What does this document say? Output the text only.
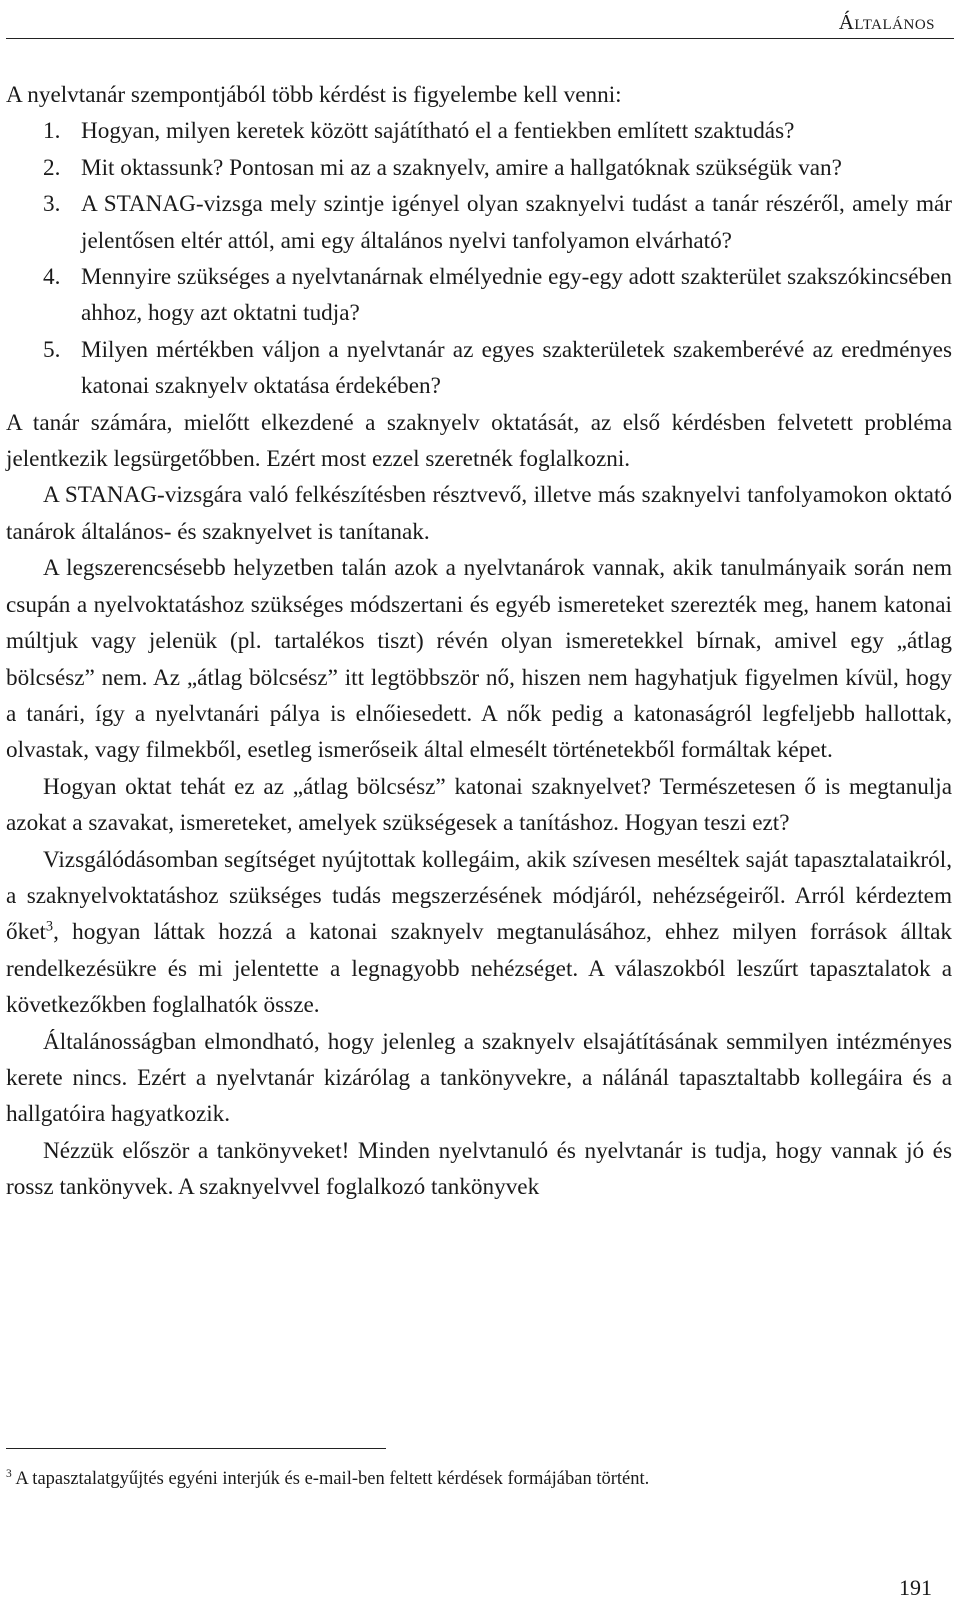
Általános

A nyelvtanár szempontjából több kérdést is figyelembe kell venni:

1. Hogyan, milyen keretek között sajátítható el a fentiekben említett szaktudás?
2. Mit oktassunk? Pontosan mi az a szaknyelv, amire a hallgatóknak szükségük van?
3. A STANAG-vizsga mely szintje igényel olyan szaknyelvi tudást a tanár részéről, amely már jelentősen eltér attól, ami egy általános nyelvi tanfolyamon elvárható?
4. Mennyire szükséges a nyelvtanárnak elmélyednie egy-egy adott szakterület szakszókincsében ahhoz, hogy azt oktatni tudja?
5. Milyen mértékben váljon a nyelvtanár az egyes szakterületek szakemberévé az eredményes katonai szaknyelv oktatása érdekében?

A tanár számára, mielőtt elkezdené a szaknyelv oktatását, az első kérdésben felvetett probléma jelentkezik legsürgetőbben. Ezért most ezzel szeretnék foglalkozni.

A STANAG-vizsgára való felkészítésben résztvevő, illetve más szaknyelvi tanfolyamokon oktató tanárok általános- és szaknyelvet is tanítanak.

A legszerencsésebb helyzetben talán azok a nyelvtanárok vannak, akik tanulmányaik során nem csupán a nyelvoktatáshoz szükséges módszertani és egyéb ismereteket szerezték meg, hanem katonai múltjuk vagy jelenük (pl. tartalékos tiszt) révén olyan ismeretekkel bírnak, amivel egy „átlag bölcsész” nem. Az „átlag bölcsész” itt legtöbbször nő, hiszen nem hagyhatjuk figyelmen kívül, hogy a tanári, így a nyelvtanári pálya is elnőiesedett. A nők pedig a katonaságról legfeljebb hallottak, olvastak, vagy filmekből, esetleg ismerőseik által elmesélt történetekből formáltak képet.

Hogyan oktat tehát ez az „átlag bölcsész” katonai szaknyelvet? Természetesen ő is megtanulja azokat a szavakat, ismereteket, amelyek szükségesek a tanításhoz. Hogyan teszi ezt?

Vizsgálódásomban segítséget nyújtottak kollegáim, akik szívesen meséltek saját tapasztalataikról, a szaknyelvoktatáshoz szükséges tudás megszerzésének módjáról, nehézségeiről. Arról kérdeztem őket$^3$, hogyan láttak hozzá a katonai szaknyelv megtanulásához, ehhez milyen források álltak rendelkezésükre és mi jelentette a legnagyobb nehézséget. A válaszokból leszűrt tapasztalatok a következőkben foglalhatók össze.

Általánosságban elmondható, hogy jelenleg a szaknyelv elsajátításának semmilyen intézményes kerete nincs. Ezért a nyelvtanár kizárólag a tankönyvekre, a nálánál tapasztaltabb kollegáira és a hallgatóira hagyatkozik.

Nézzük először a tankönyveket! Minden nyelvtanuló és nyelvtanár is tudja, hogy vannak jó és rossz tankönyvek. A szaknyelvvel foglalkozó tankönyvek

$^3$ A tapasztalatgyűjtés egyéni interjúk és e-mail-ben feltett kérdések formájában történt.
191
